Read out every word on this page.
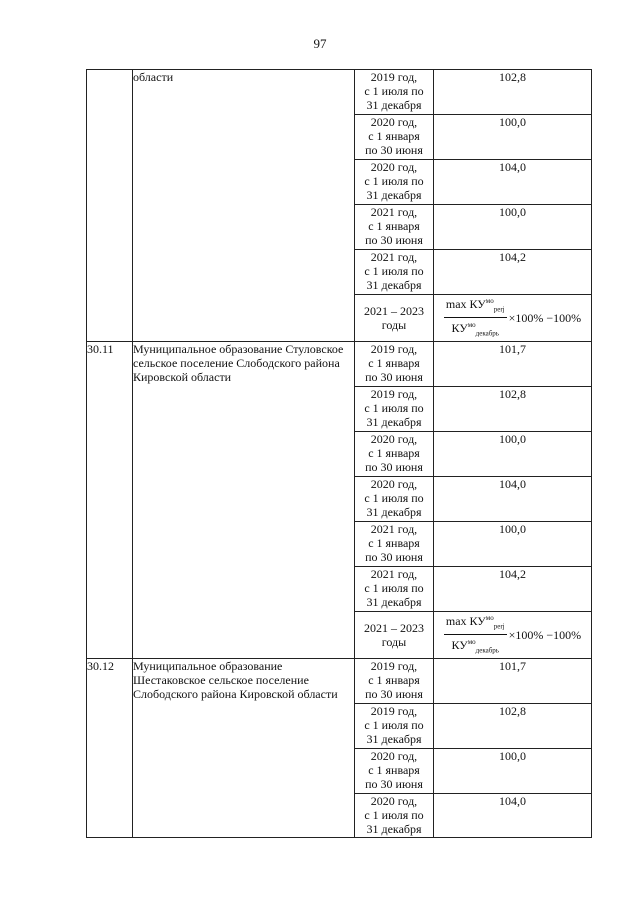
97
	области	2019 год,
с 1 июля по
31 декабря	102,8

		2020 год,
с 1 января
по 30 июня	100,0

		2020 год,
с 1 июля по
31 декабря	104,0

		2021 год,
с 1 января
по 30 июня	100,0

		2021 год,
с 1 июля по
31 декабря	104,2

		2021 – 2023
годы	$\frac{\max КУ^{мо}_{perj}}{КУ^{мо}_{декабрь}} \times 100\% -100\%$

30.11	Муниципальное образование Стуловское сельское поселение Слободского района Кировской области	2019 год,
с 1 января
по 30 июня	101,7

		2019 год,
с 1 июля по
31 декабря	102,8

		2020 год,
с 1 января
по 30 июня	100,0

		2020 год,
с 1 июля по
31 декабря	104,0

		2021 год,
с 1 января
по 30 июня	100,0

		2021 год,
с 1 июля по
31 декабря	104,2

		2021 – 2023
годы	$\frac{\max КУ^{мо}_{perj}}{КУ^{мо}_{декабрь}} \times 100\% -100\%$

30.12	Муниципальное образование Шестаковское сельское поселение Слободского района Кировской области	2019 год,
с 1 января
по 30 июня	101,7

		2019 год,
с 1 июля по
31 декабря	102,8

		2020 год,
с 1 января
по 30 июня	100,0

		2020 год,
с 1 июля по
31 декабря	104,0
